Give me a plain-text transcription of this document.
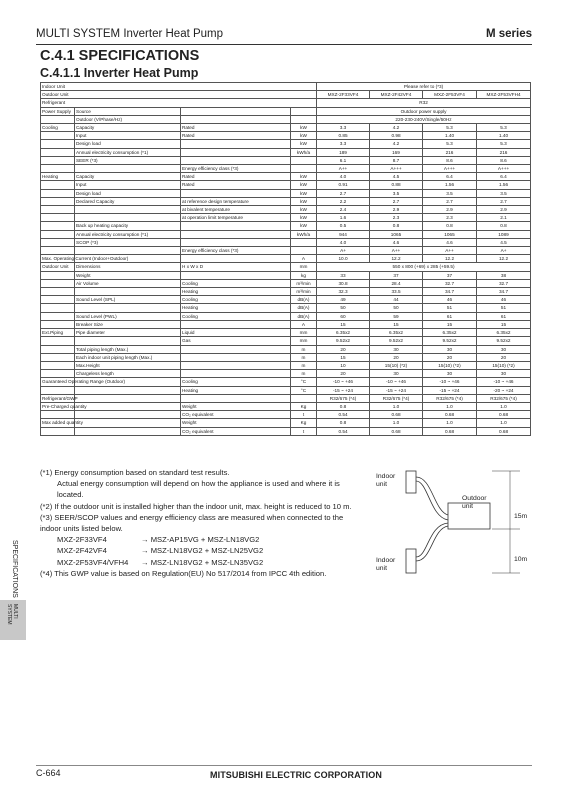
MULTI SYSTEM Inverter Heat Pump	M series
C.4.1 SPECIFICATIONS
C.4.1.1 Inverter Heat Pump
Indoor Unit				Please refer to (*3)			
Outdoor Unit				MXZ-2F33VF4	MXZ-2F42VF4	MXZ-2F53VF4	MXZ-2F53VFH4
Refrigerant				R32			
Power Supply	Source			Outdoor power supply			
	Outdoor (V/Phase/Hz)			220-230-240V/Single/50Hz			
Cooling	Capacity	Rated	kW	3.3	4.2	5.3	5.3
	Input	Rated	kW	0.85	0.98	1.40	1.40
	Design load		kW	3.3	4.2	5.3	5.3
	Annual electricity consumption (*1)		kWh/a	189	169	216	216
	SEER (*3)			6.1	8.7	8.6	8.6
		Energy efficiency class (*3)		A++	A+++	A+++	A+++
Heating	Capacity	Rated	kW	4.0	4.5	6.4	6.4
	Input	Rated	kW	0.91	0.88	1.56	1.56
	Design load		kW	2.7	3.5	3.5	3.5
	Declared Capacity	at reference design temperature	kW	2.2	2.7	2.7	2.7
		at bivalent temperature	kW	2.4	2.9	2.9	2.9
		at operation limit temperature	kW	1.6	2.3	2.3	2.1
	Back up heating capacity		kW	0.5	0.8	0.8	0.8
	Annual electricity consumption (*1)		kWh/a	944	1065	1065	1089
	SCOP (*3)			4.0	4.6	4.6	4.5
		Energy efficiency class (*3)		A+	A++	A++	A+
Max. Operating Current (Indoor+Outdoor)			A	10.0	12.2	12.2	12.2
Outdoor Unit	Dimensions	H x W x D	mm	550 x 800 (+69) x 285 (+59.5)			
	Weight		kg	33	37	37	38
	Air Volume	Cooling	m³/min	30.8	28.4	32.7	32.7
		Heating	m³/min	32.3	33.5	34.7	34.7
	Sound Level (SPL)	Cooling	dB(A)	49	44	46	46
		Heating	dB(A)	50	50	51	51
	Sound Level (PWL)	Cooling	dB(A)	60	59	61	61
	Breaker Size		A	15	15	15	15
Ext.Piping	Pipe diameter	Liquid	mm	6.35x2	6.35x2	6.35x2	6.35x2
		Gas	mm	9.52x2	9.52x2	9.52x2	9.52x2
	Total piping length (Max.)		m	20	30	30	30
	Each indoor unit piping length (Max.)		m	15	20	20	20
	Max.Height		m	10	15(10) (*2)	15(10) (*2)	15(10) (*2)
	Chargeless length		m	20	30	30	30
Guaranteed Operating Range (Outdoor)		Cooling	°C	-10 ~ +46	-10 ~ +46	-10 ~ +46	-10 ~ +46
		Heating	°C	-15 ~ +24	-15 ~ +24	-15 ~ +24	-20 ~ +24
Refrigerant/GWP				R32/675 (*4)	R32/675 (*4)	R32/675 (*4)	R32/675 (*4)
Pre-Charged quantity		Weight	Kg	0.8	1.0	1.0	1.0
		CO₂ equivalent	t	0.54	0.68	0.68	0.68
Max added quantity		Weight	Kg	0.8	1.0	1.0	1.0
		CO₂ equivalent	t	0.54	0.68	0.68	0.68
(*1) Energy consumption based on standard test results.
Actual energy consumption will depend on how the appliance is used and where it is located.
(*2) If the outdoor unit is installed higher than the indoor unit, max. height is reduced to 10 m.
(*3) SEER/SCOP values and energy efficiency class are measured when connected to the indoor units listed below.
MXZ-2F33VF4	→ MSZ-AP15VG + MSZ-LN18VG2
MXZ-2F42VF4	→ MSZ-LN18VG2 + MSZ-LN25VG2
MXZ-2F53VF4/VFH4 → MSZ-LN18VG2 + MSZ-LN35VG2
(*4) This GWP value is based on Regulation(EU) No 517/2014 from IPCC 4th edition.
Indoor unit
Outdoor unit
Indoor unit
15m
10m
SPECIFICATIONS
MULTI SYSTEM
C-664	MITSUBISHI ELECTRIC CORPORATION
